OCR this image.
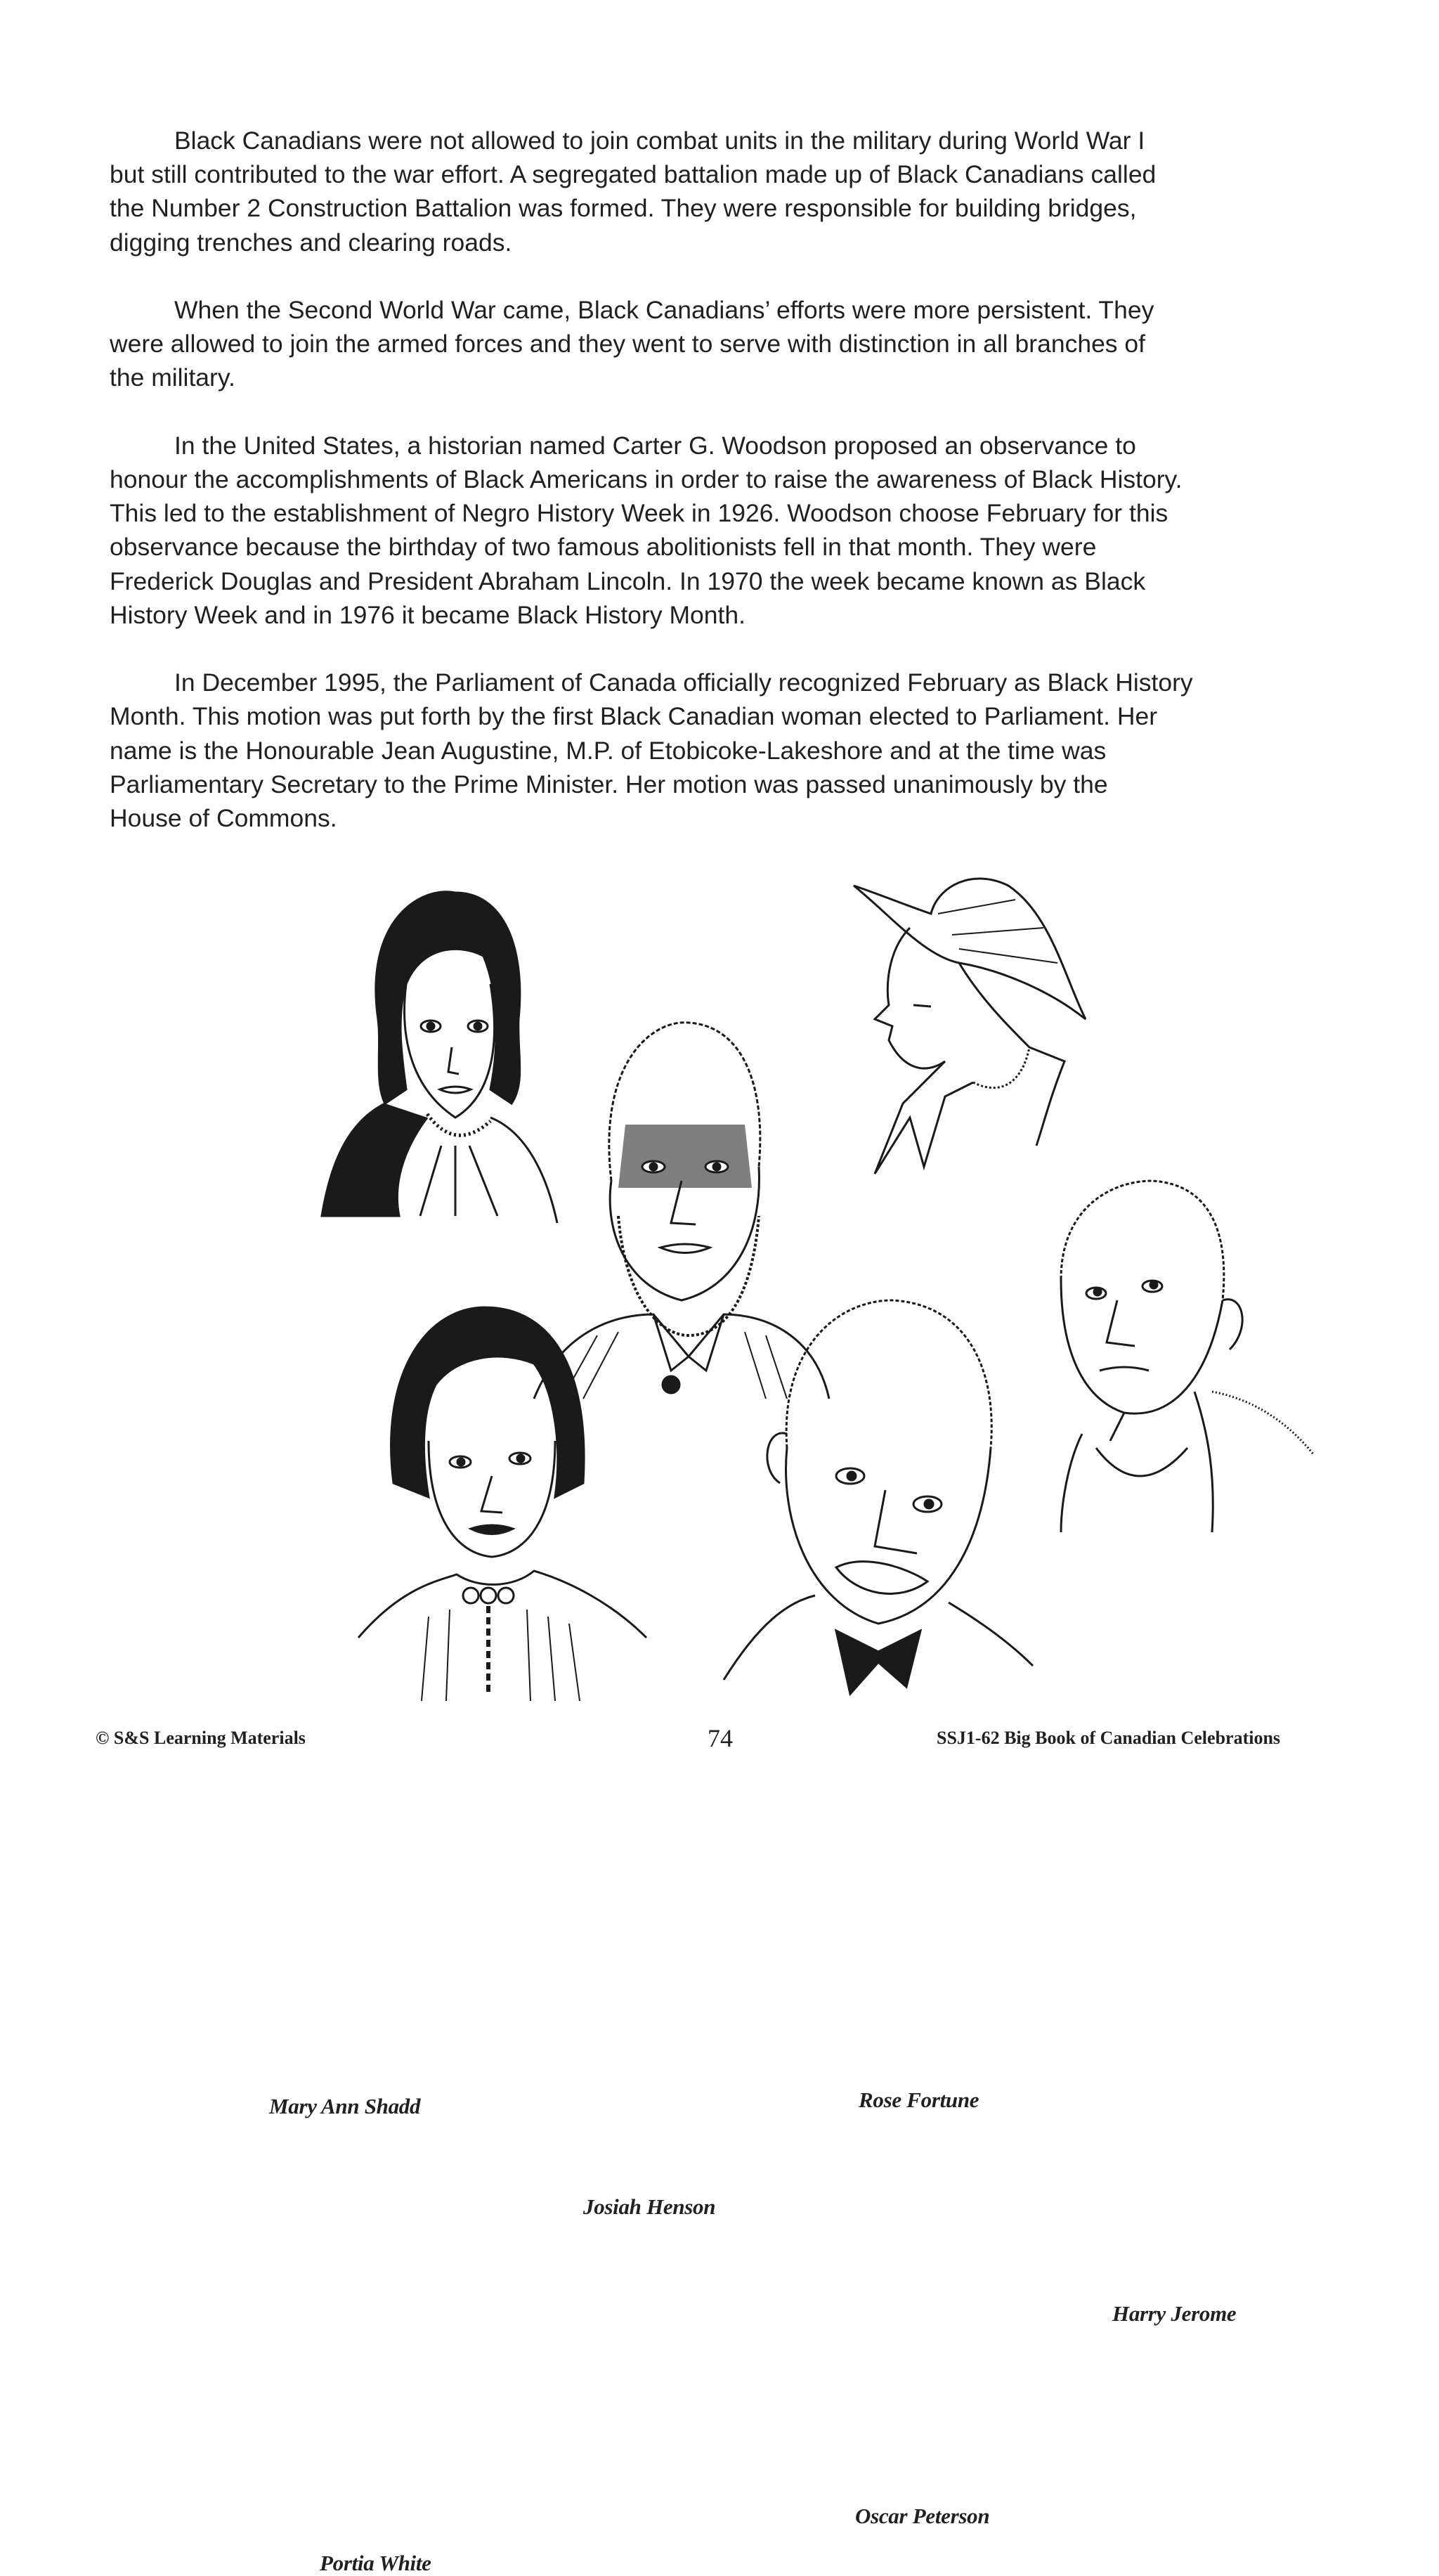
Black Canadians were not allowed to join combat units in the military during World War I
but still contributed to the war effort. A segregated battalion made up of Black Canadians called
the Number 2 Construction Battalion was formed. They were responsible for building bridges,
digging trenches and clearing roads.

When the Second World War came, Black Canadians’ efforts were more persistent. They
were allowed to join the armed forces and they went to serve with distinction in all branches of
the military.

In the United States, a historian named Carter G. Woodson proposed an observance to
honour the accomplishments of Black Americans in order to raise the awareness of Black History.
This led to the establishment of Negro History Week in 1926. Woodson choose February for this
observance because the birthday of two famous abolitionists fell in that month. They were
Frederick Douglas and President Abraham Lincoln. In 1970 the week became known as Black
History Week and in 1976 it became Black History Month.

In December 1995, the Parliament of Canada officially recognized February as Black History
Month. This motion was put forth by the first Black Canadian woman elected to Parliament. Her
name is the Honourable Jean Augustine, M.P. of Etobicoke-Lakeshore and at the time was
Parliamentary Secretary to the Prime Minister. Her motion was passed unanimously by the
House of Commons.

Mary Ann Shadd
Josiah Henson
Rose Fortune
Harry Jerome
Oscar Peterson
Portia White
© S&S Learning Materials	74	SSJ1-62 Big Book of Canadian Celebrations
